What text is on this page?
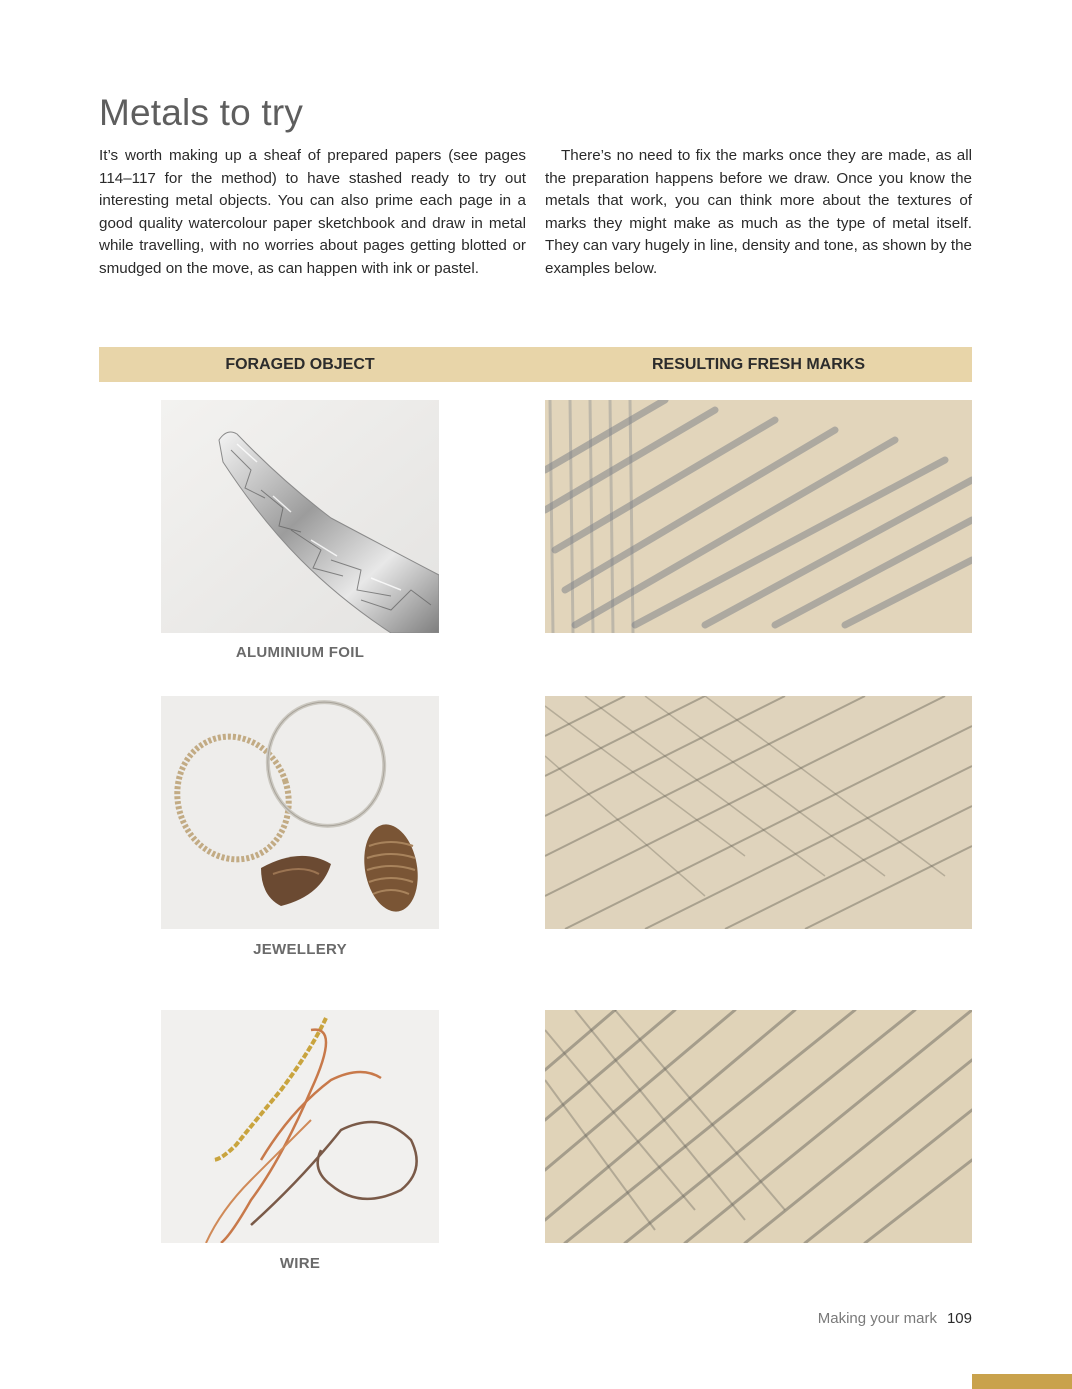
Metals to try

It’s worth making up a sheaf of prepared papers (see pages 114–117 for the method) to have stashed ready to try out interesting metal objects. You can also prime each page in a good quality watercolour paper sketchbook and draw in metal while travelling, with no worries about pages getting blotted or smudged on the move, as can happen with ink or pastel.

There’s no need to fix the marks once they are made, as all the preparation happens before we draw. Once you know the metals that work, you can think more about the textures of marks they might make as much as the type of metal itself. They can vary hugely in line, density and tone, as shown by the examples below.

FORAGED OBJECT	RESULTING FRESH MARKS
ALUMINIUM FOIL
JEWELLERY
WIRE
Making your mark 109
